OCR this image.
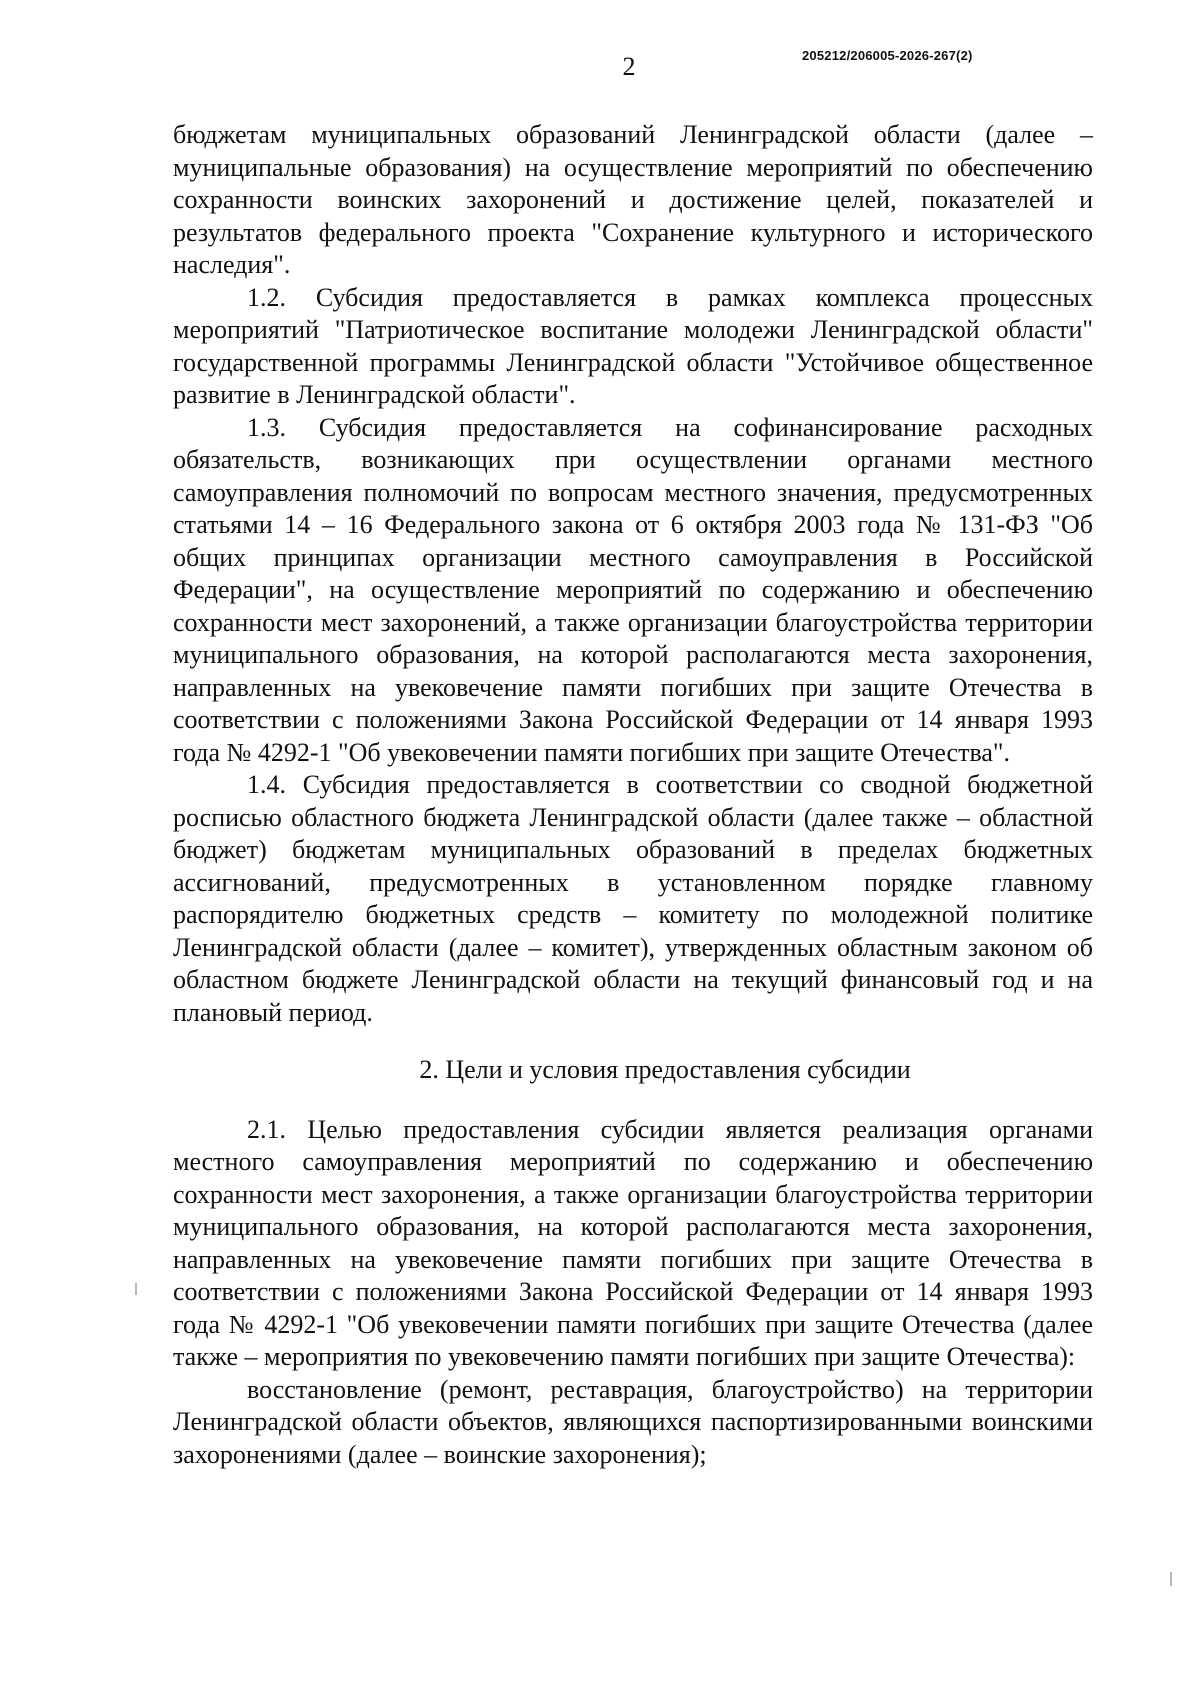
2	205212/206005-2026-267(2)

бюджетам муниципальных образований Ленинградской области (далее – муниципальные образования) на осуществление мероприятий по обеспечению сохранности воинских захоронений и достижение целей, показателей и результатов федерального проекта "Сохранение культурного и исторического наследия".

1.2. Субсидия предоставляется в рамках комплекса процессных мероприятий "Патриотическое воспитание молодежи Ленинградской области" государственной программы Ленинградской области "Устойчивое общественное развитие в Ленинградской области".

1.3. Субсидия предоставляется на софинансирование расходных обязательств, возникающих при осуществлении органами местного самоуправления полномочий по вопросам местного значения, предусмотренных статьями 14 – 16 Федерального закона от 6 октября 2003 года № 131-ФЗ "Об общих принципах организации местного самоуправления в Российской Федерации", на осуществление мероприятий по содержанию и обеспечению сохранности мест захоронений, а также организации благоустройства территории муниципального образования, на которой располагаются места захоронения, направленных на увековечение памяти погибших при защите Отечества в соответствии с положениями Закона Российской Федерации от 14 января 1993 года № 4292-1 "Об увековечении памяти погибших при защите Отечества".

1.4. Субсидия предоставляется в соответствии со сводной бюджетной росписью областного бюджета Ленинградской области (далее также – областной бюджет) бюджетам муниципальных образований в пределах бюджетных ассигнований, предусмотренных в установленном порядке главному распорядителю бюджетных средств – комитету по молодежной политике Ленинградской области (далее – комитет), утвержденных областным законом об областном бюджете Ленинградской области на текущий финансовый год и на плановый период.

2. Цели и условия предоставления субсидии

2.1. Целью предоставления субсидии является реализация органами местного самоуправления мероприятий по содержанию и обеспечению сохранности мест захоронения, а также организации благоустройства территории муниципального образования, на которой располагаются места захоронения, направленных на увековечение памяти погибших при защите Отечества в соответствии с положениями Закона Российской Федерации от 14 января 1993 года № 4292-1 "Об увековечении памяти погибших при защите Отечества (далее также – мероприятия по увековечению памяти погибших при защите Отечества):

восстановление (ремонт, реставрация, благоустройство) на территории Ленинградской области объектов, являющихся паспортизированными воинскими захоронениями (далее – воинские захоронения);
